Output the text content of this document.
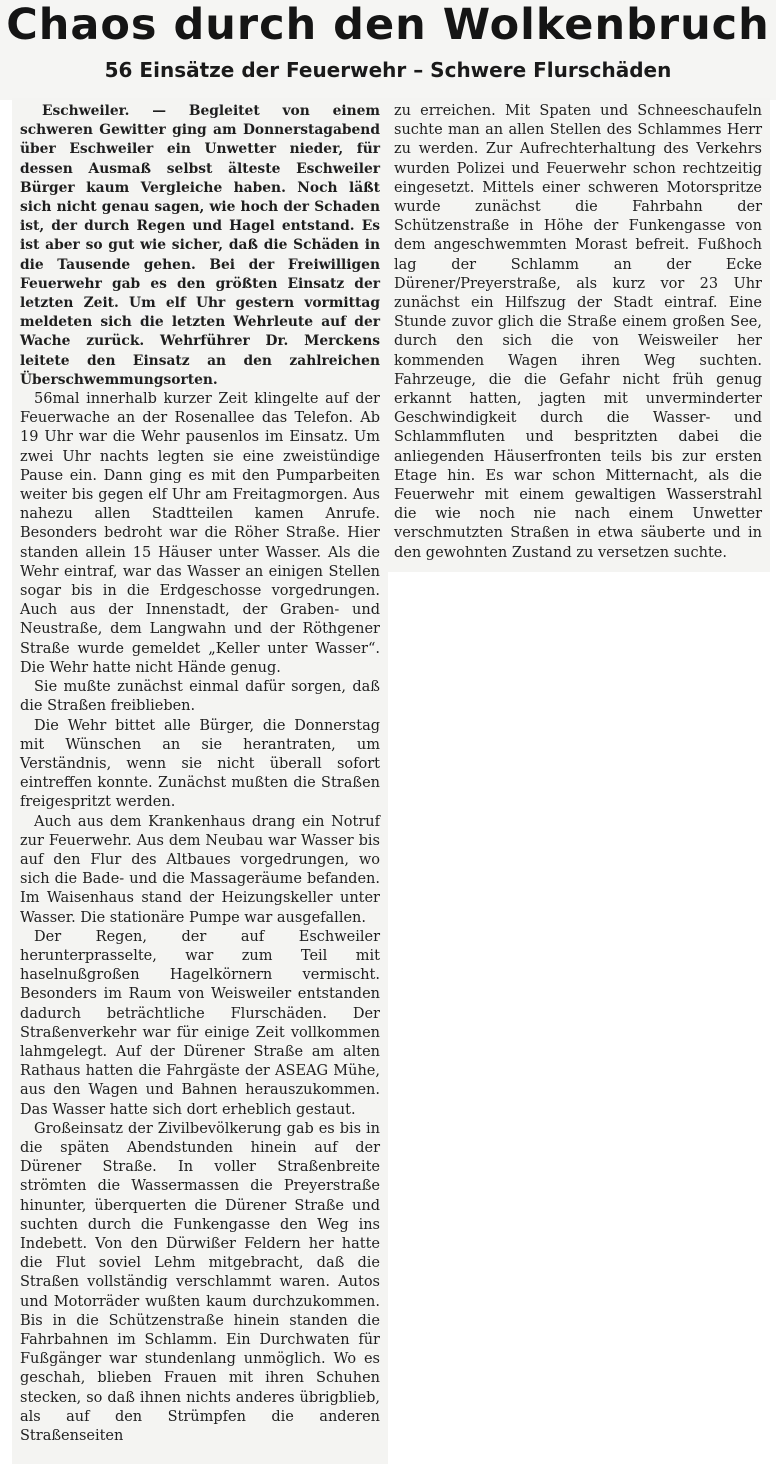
Chaos durch den Wolkenbruch
56 Einsätze der Feuerwehr – Schwere Flurschäden

Eschweiler. — Begleitet von einem schweren Gewitter ging am Donnerstagabend über Eschweiler ein Unwetter nieder, für dessen Ausmaß selbst älteste Eschweiler Bürger kaum Vergleiche haben. Noch läßt sich nicht genau sagen, wie hoch der Schaden ist, der durch Regen und Hagel entstand. Es ist aber so gut wie sicher, daß die Schäden in die Tausende gehen. Bei der Freiwilligen Feuerwehr gab es den größten Einsatz der letzten Zeit. Um elf Uhr gestern vormittag meldeten sich die letzten Wehrleute auf der Wache zurück. Wehrführer Dr. Merckens leitete den Einsatz an den zahlreichen Überschwemmungsorten.

56mal innerhalb kurzer Zeit klingelte auf der Feuerwache an der Rosenallee das Telefon. Ab 19 Uhr war die Wehr pausenlos im Einsatz. Um zwei Uhr nachts legten sie eine zweistündige Pause ein. Dann ging es mit den Pumparbeiten weiter bis gegen elf Uhr am Freitagmorgen. Aus nahezu allen Stadtteilen kamen Anrufe. Besonders bedroht war die Röher Straße. Hier standen allein 15 Häuser unter Wasser. Als die Wehr eintraf, war das Wasser an einigen Stellen sogar bis in die Erdgeschosse vorgedrungen. Auch aus der Innenstadt, der Graben- und Neustraße, dem Langwahn und der Röthgener Straße wurde gemeldet „Keller unter Wasser“. Die Wehr hatte nicht Hände genug.

Sie mußte zunächst einmal dafür sorgen, daß die Straßen freiblieben.

Die Wehr bittet alle Bürger, die Donnerstag mit Wünschen an sie herantraten, um Verständnis, wenn sie nicht überall sofort eintreffen konnte. Zunächst mußten die Straßen freigespritzt werden.

Auch aus dem Krankenhaus drang ein Notruf zur Feuerwehr. Aus dem Neubau war Wasser bis auf den Flur des Altbaues vorgedrungen, wo sich die Bade- und die Massageräume befanden. Im Waisenhaus stand der Heizungskeller unter Wasser. Die stationäre Pumpe war ausgefallen.

Der Regen, der auf Eschweiler herunterprasselte, war zum Teil mit haselnußgroßen Hagelkörnern vermischt. Besonders im Raum von Weisweiler entstanden dadurch beträchtliche Flurschäden. Der Straßenverkehr war für einige Zeit vollkommen lahmgelegt. Auf der Dürener Straße am alten Rathaus hatten die Fahrgäste der ASEAG Mühe, aus den Wagen und Bahnen herauszukommen. Das Wasser hatte sich dort erheblich gestaut.

Großeinsatz der Zivilbevölkerung gab es bis in die späten Abendstunden hinein auf der Dürener Straße. In voller Straßenbreite strömten die Wassermassen die Preyerstraße hinunter, überquerten die Dürener Straße und suchten durch die Funkengasse den Weg ins Indebett. Von den Dürwißer Feldern her hatte die Flut soviel Lehm mitgebracht, daß die Straßen vollständig verschlammt waren. Autos und Motorräder wußten kaum durchzukommen. Bis in die Schützenstraße hinein standen die Fahrbahnen im Schlamm. Ein Durchwaten für Fußgänger war stundenlang unmöglich. Wo es geschah, blieben Frauen mit ihren Schuhen stecken, so daß ihnen nichts anderes übrigblieb, als auf den Strümpfen die anderen Straßenseiten

zu erreichen. Mit Spaten und Schneeschaufeln suchte man an allen Stellen des Schlammes Herr zu werden. Zur Aufrechterhaltung des Verkehrs wurden Polizei und Feuerwehr schon rechtzeitig eingesetzt. Mittels einer schweren Motorspritze wurde zunächst die Fahrbahn der Schützenstraße in Höhe der Funkengasse von dem angeschwemmten Morast befreit. Fußhoch lag der Schlamm an der Ecke Dürener/Preyerstraße, als kurz vor 23 Uhr zunächst ein Hilfszug der Stadt eintraf. Eine Stunde zuvor glich die Straße einem großen See, durch den sich die von Weisweiler her kommenden Wagen ihren Weg suchten. Fahrzeuge, die die Gefahr nicht früh genug erkannt hatten, jagten mit unverminderter Geschwindigkeit durch die Wasser- und Schlammfluten und bespritzten dabei die anliegenden Häuserfronten teils bis zur ersten Etage hin. Es war schon Mitternacht, als die Feuerwehr mit einem gewaltigen Wasserstrahl die wie noch nie nach einem Unwetter verschmutzten Straßen in etwa säuberte und in den gewohnten Zustand zu versetzen suchte.
